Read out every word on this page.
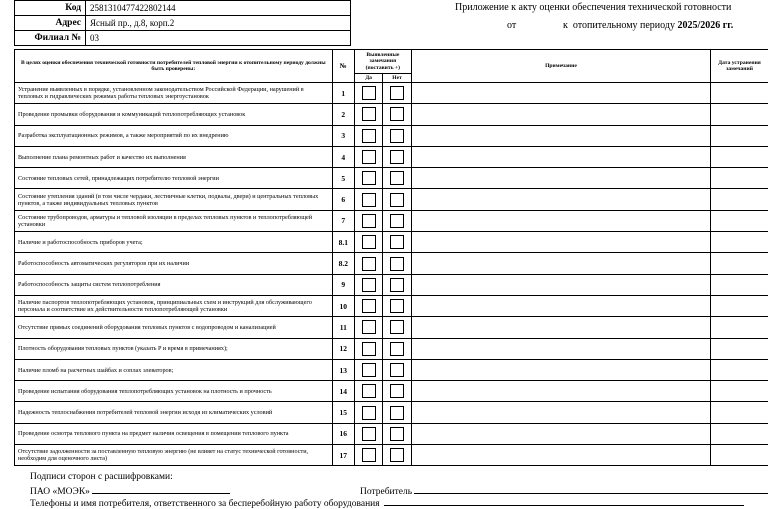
Код	2581310477422802144
Адрес	Ясный пр., д.8, корп.2
Филиал №	03
Приложение к акту оценки обеспечения технической готовности
от	к отопительному периоду 2025/2026 гг.
В целях оценки обеспечения технической готовности потребителей тепловой энергии к отопительному периоду должны быть проверены:	№	Выявленные замечания (поставить +)		Примечание	Дата устранения замечаний
		Да	Нет		
Устранение выявленных в порядке, установленном законодательством Российской Федерации, нарушений в тепловых и гидравлических режимах работы тепловых энергоустановок	1				
Проведение промывки оборудования и коммуникаций теплопотребляющих установок	2				
Разработка эксплуатационных режимов, а также мероприятий по их внедрению	3				
Выполнение плана ремонтных работ и качество их выполнения	4				
Состояние тепловых сетей, принадлежащих потребителю тепловой энергии	5				
Состояние утепления зданий (в том числе чердаки, лестничные клетки, подвалы, двери) и центральных тепловых пунктов, а также индивидуальных тепловых пунктов	6				
Состояние трубопроводов, арматуры и тепловой изоляции в пределах тепловых пунктов и теплопотребляющей установки	7				
Наличие и работоспособность приборов учета;	8.1				
Работоспособность автоматических регуляторов при их наличии	8.2				
Работоспособность защиты систем теплопотребления	9				
Наличие паспортов теплопотребляющих установок, принципиальных схем и инструкций для обслуживающего персонала и соответствие их действительности теплопотребляющей установки	10				
Отсутствие прямых соединений оборудования тепловых пунктов с водопроводом и канализацией	11				
Плотность оборудования тепловых пунктов (указать Р и время в примечаниях);	12				
Наличие пломб на расчетных шайбах и соплах элеваторов;	13				
Проведение испытания оборудования теплопотребляющих установок на плотность и прочность	14				
Надежность теплоснабжения потребителей тепловой энергии исходя из климатических условий	15				
Проведение осмотра теплового пункта на предмет наличия освещения в помещении теплового пункта	16				
Отсутствие задолженности за поставленную тепловую энергию (не влияет на статус технической готовности, необходим для оценочного листа)	17				
Подписи сторон с расшифровками:
ПАО «МОЭК»	Потребитель
Телефоны и имя потребителя, ответственного за бесперебойную работу оборудования
